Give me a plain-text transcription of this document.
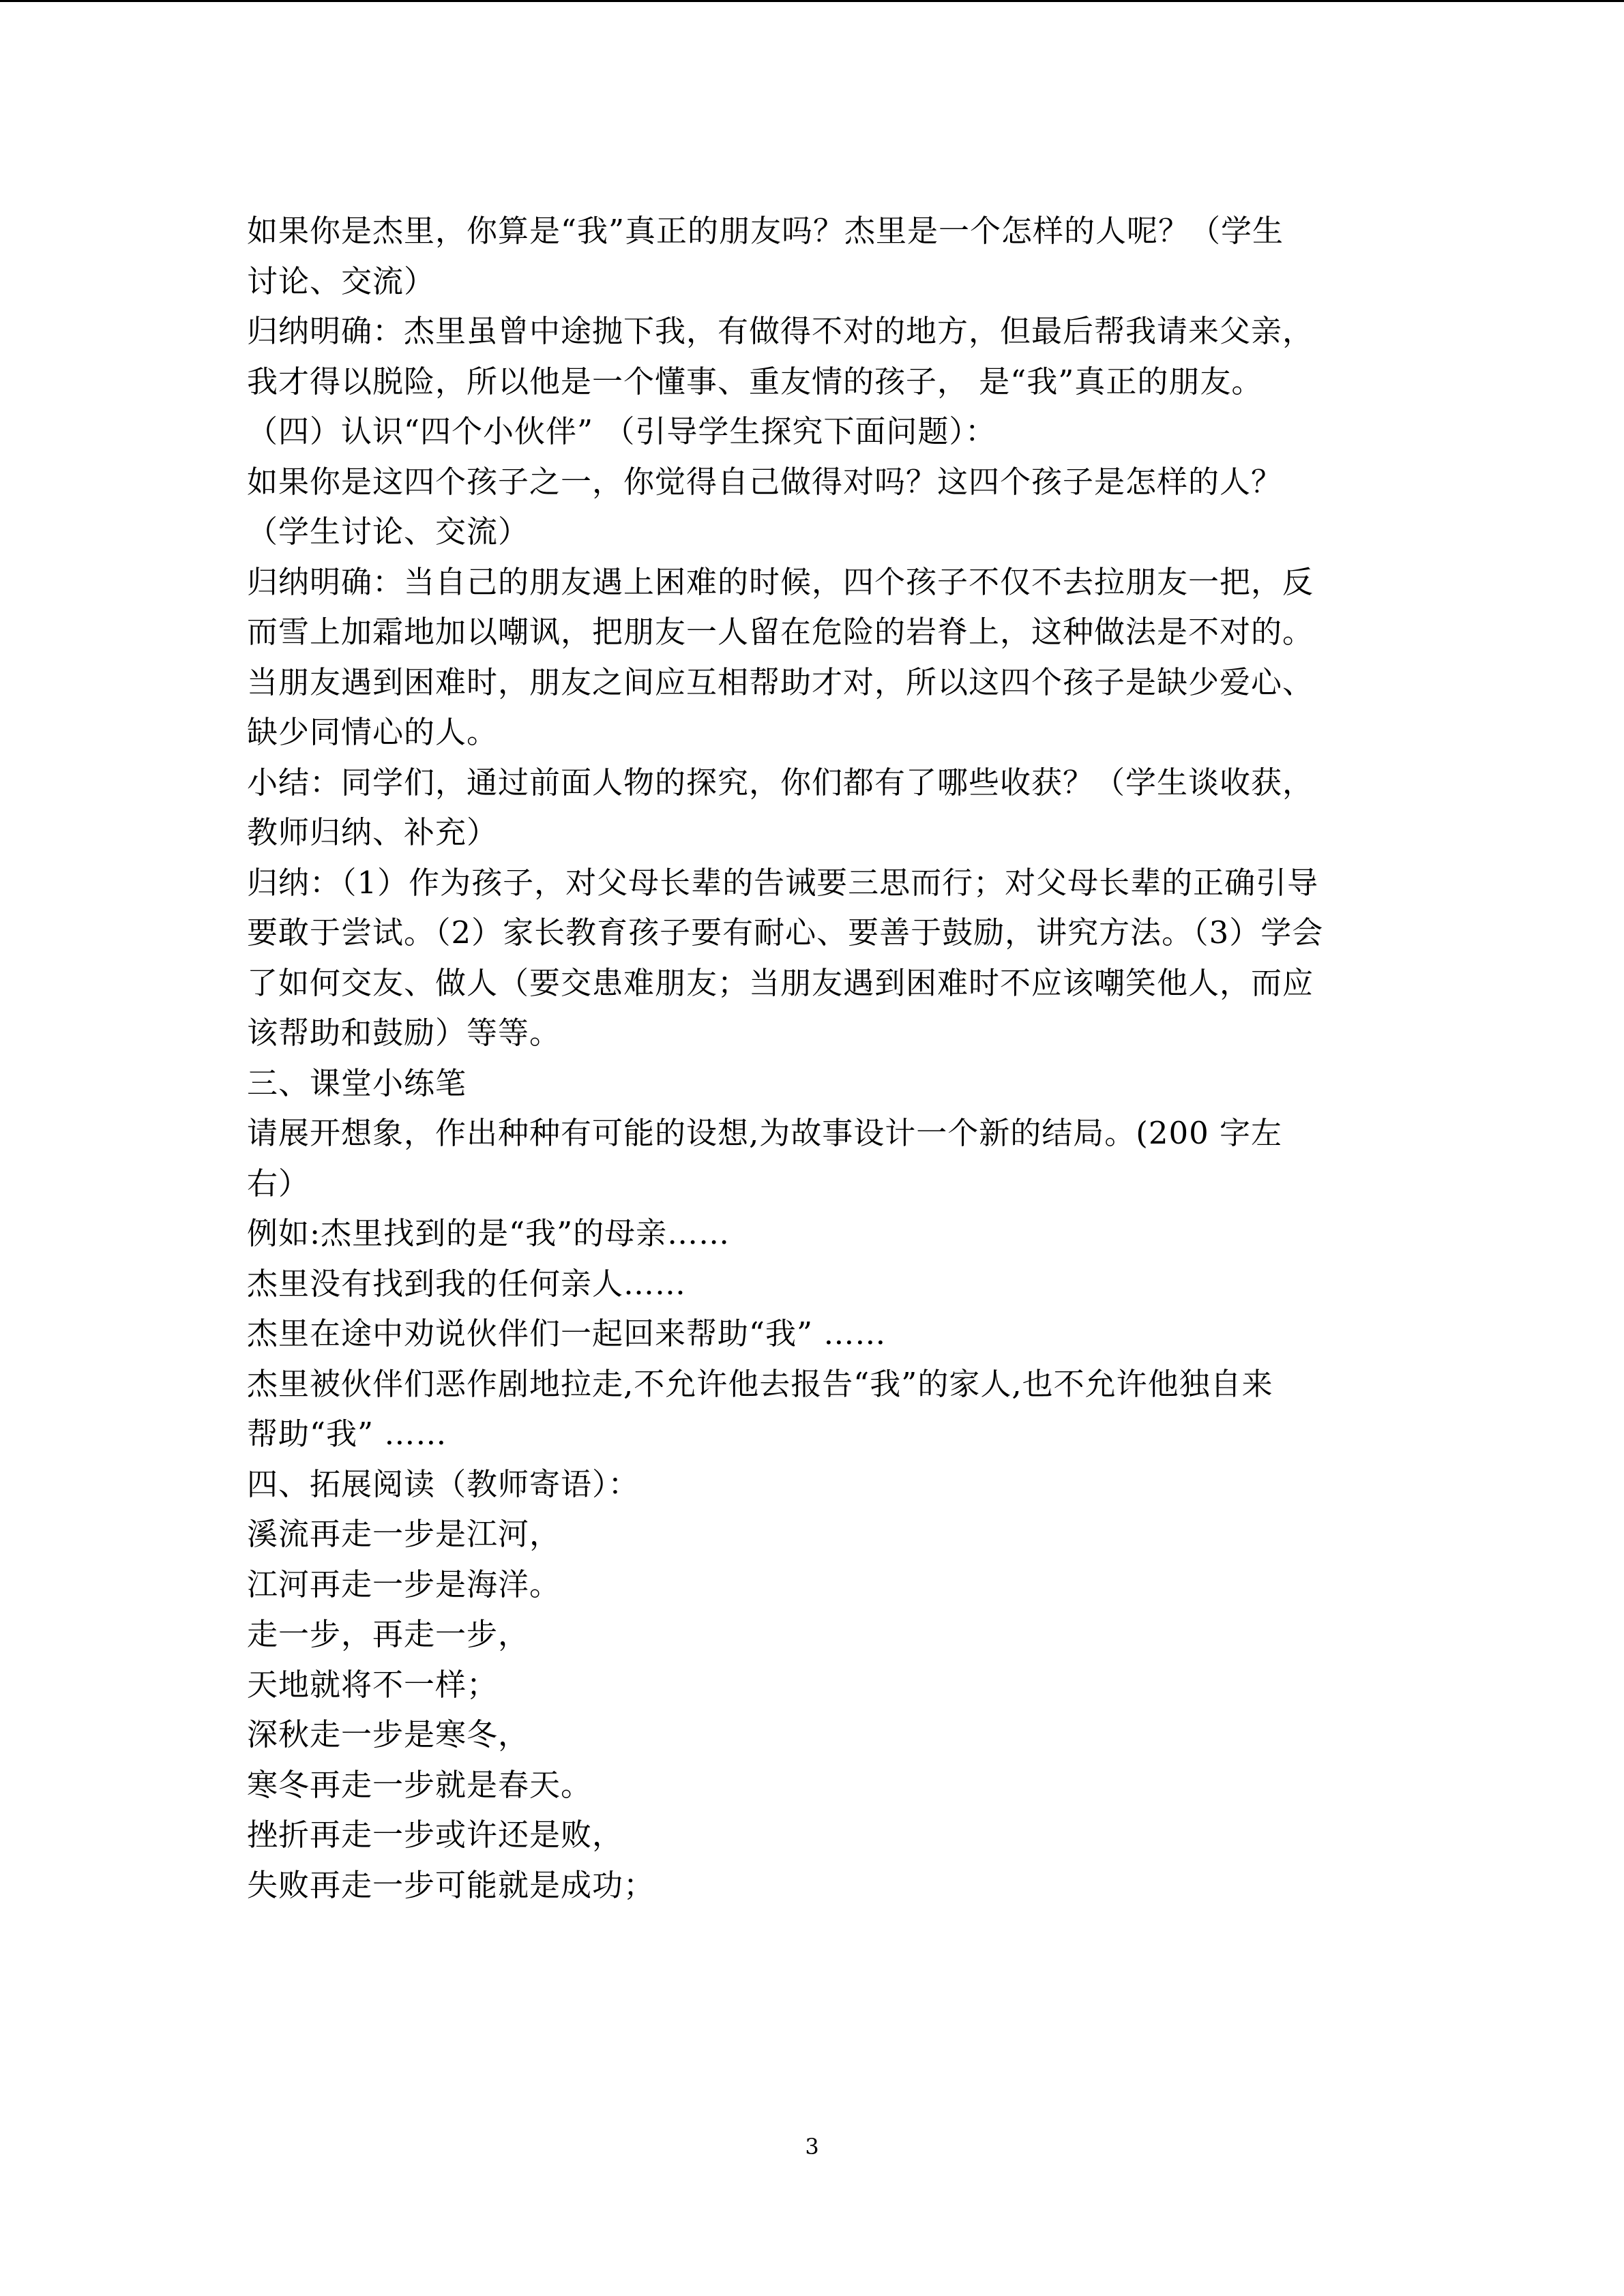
如果你是杰里，你算是“我”真正的朋友吗？杰里是一个怎样的人呢？（学生
讨论、交流）
归纳明确：杰里虽曾中途抛下我，有做得不对的地方，但最后帮我请来父亲，
我才得以脱险，所以他是一个懂事、重友情的孩子， 是“我”真正的朋友。
（四）认识“四个小伙伴” （引导学生探究下面问题）：
如果你是这四个孩子之一，你觉得自己做得对吗？这四个孩子是怎样的人？
（学生讨论、交流）
归纳明确：当自己的朋友遇上困难的时候，四个孩子不仅不去拉朋友一把，反
而雪上加霜地加以嘲讽，把朋友一人留在危险的岩脊上，这种做法是不对的。
当朋友遇到困难时，朋友之间应互相帮助才对，所以这四个孩子是缺少爱心、
缺少同情心的人。
小结：同学们，通过前面人物的探究，你们都有了哪些收获？（学生谈收获，
教师归纳、补充）
归纳：（1）作为孩子，对父母长辈的告诫要三思而行；对父母长辈的正确引导
要敢于尝试。（2）家长教育孩子要有耐心、要善于鼓励，讲究方法。（3）学会
了如何交友、做人（要交患难朋友；当朋友遇到困难时不应该嘲笑他人，而应
该帮助和鼓励）等等。
三、课堂小练笔
请展开想象，作出种种有可能的设想,为故事设计一个新的结局。(200 字左
右）
例如:杰里找到的是“我”的母亲……
杰里没有找到我的任何亲人……
杰里在途中劝说伙伴们一起回来帮助“我” ……
杰里被伙伴们恶作剧地拉走,不允许他去报告“我”的家人,也不允许他独自来
帮助“我” ……
四、拓展阅读（教师寄语）：
溪流再走一步是江河，
江河再走一步是海洋。
走一步，再走一步，
天地就将不一样；
深秋走一步是寒冬，
寒冬再走一步就是春天。
挫折再走一步或许还是败，
失败再走一步可能就是成功；
3
